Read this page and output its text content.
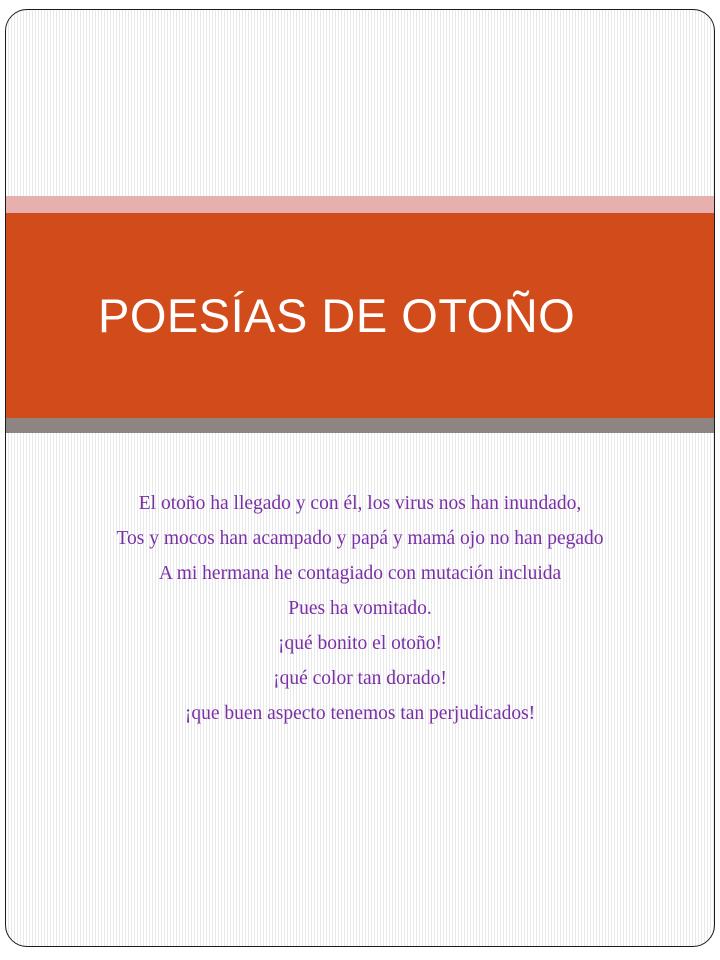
POESÍAS DE OTOÑO

El otoño ha llegado y con él, los virus nos han inundado,

Tos y mocos han acampado y papá y mamá ojo no han pegado

A mi hermana he contagiado con mutación incluida

Pues ha vomitado.

¡qué bonito el otoño!

¡qué color tan dorado!

¡que buen aspecto tenemos tan perjudicados!
